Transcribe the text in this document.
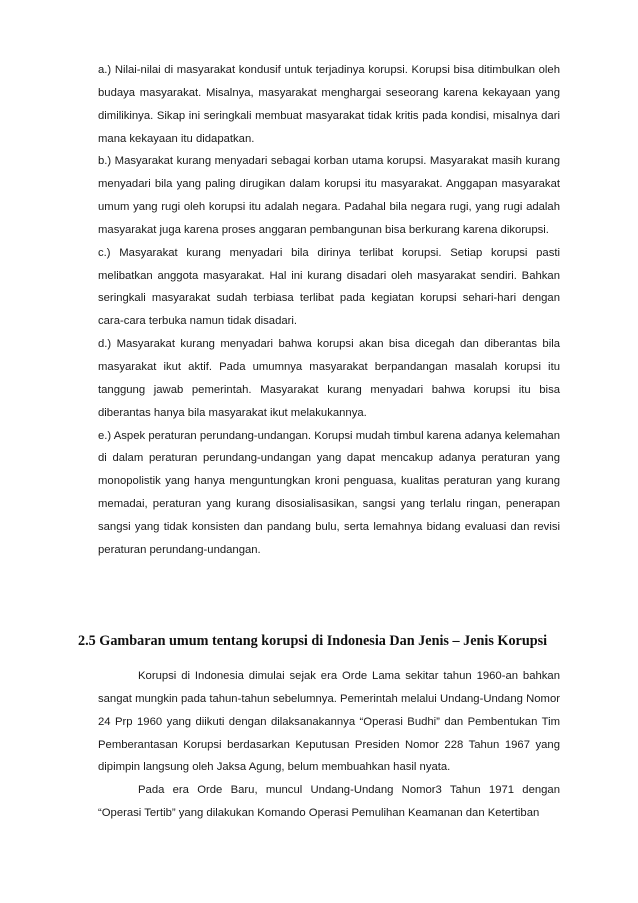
a.) Nilai-nilai di masyarakat kondusif untuk terjadinya korupsi. Korupsi bisa ditimbulkan oleh budaya masyarakat. Misalnya, masyarakat menghargai seseorang karena kekayaan yang dimilikinya. Sikap ini seringkali membuat masyarakat tidak kritis pada kondisi, misalnya dari mana kekayaan itu didapatkan.

b.) Masyarakat kurang menyadari sebagai korban utama korupsi. Masyarakat masih kurang menyadari bila yang paling dirugikan dalam korupsi itu masyarakat. Anggapan masyarakat umum yang rugi oleh korupsi itu adalah negara. Padahal bila negara rugi, yang rugi adalah masyarakat juga karena proses anggaran pembangunan bisa berkurang karena dikorupsi.

c.) Masyarakat kurang menyadari bila dirinya terlibat korupsi. Setiap korupsi pasti melibatkan anggota masyarakat. Hal ini kurang disadari oleh masyarakat sendiri. Bahkan seringkali masyarakat sudah terbiasa terlibat pada kegiatan korupsi sehari-hari dengan cara-cara terbuka namun tidak disadari.

d.) Masyarakat kurang menyadari bahwa korupsi akan bisa dicegah dan diberantas bila masyarakat ikut aktif. Pada umumnya masyarakat berpandangan masalah korupsi itu tanggung jawab pemerintah. Masyarakat kurang menyadari bahwa korupsi itu bisa diberantas hanya bila masyarakat ikut melakukannya.

e.) Aspek peraturan perundang-undangan. Korupsi mudah timbul karena adanya kelemahan di dalam peraturan perundang-undangan yang dapat mencakup adanya peraturan yang monopolistik yang hanya menguntungkan kroni penguasa, kualitas peraturan yang kurang memadai, peraturan yang kurang disosialisasikan, sangsi yang terlalu ringan, penerapan sangsi yang tidak konsisten dan pandang bulu, serta lemahnya bidang evaluasi dan revisi peraturan perundang-undangan.

2.5 Gambaran umum tentang korupsi di Indonesia Dan Jenis – Jenis Korupsi

Korupsi di Indonesia dimulai sejak era Orde Lama sekitar tahun 1960-an bahkan sangat mungkin pada tahun-tahun sebelumnya. Pemerintah melalui Undang-Undang Nomor 24 Prp 1960 yang diikuti dengan dilaksanakannya “Operasi Budhi” dan Pembentukan Tim Pemberantasan Korupsi berdasarkan Keputusan Presiden Nomor 228 Tahun 1967 yang dipimpin langsung oleh Jaksa Agung, belum membuahkan hasil nyata.

Pada era Orde Baru, muncul Undang-Undang Nomor3 Tahun 1971 dengan “Operasi Tertib” yang dilakukan Komando Operasi Pemulihan Keamanan dan Ketertiban
